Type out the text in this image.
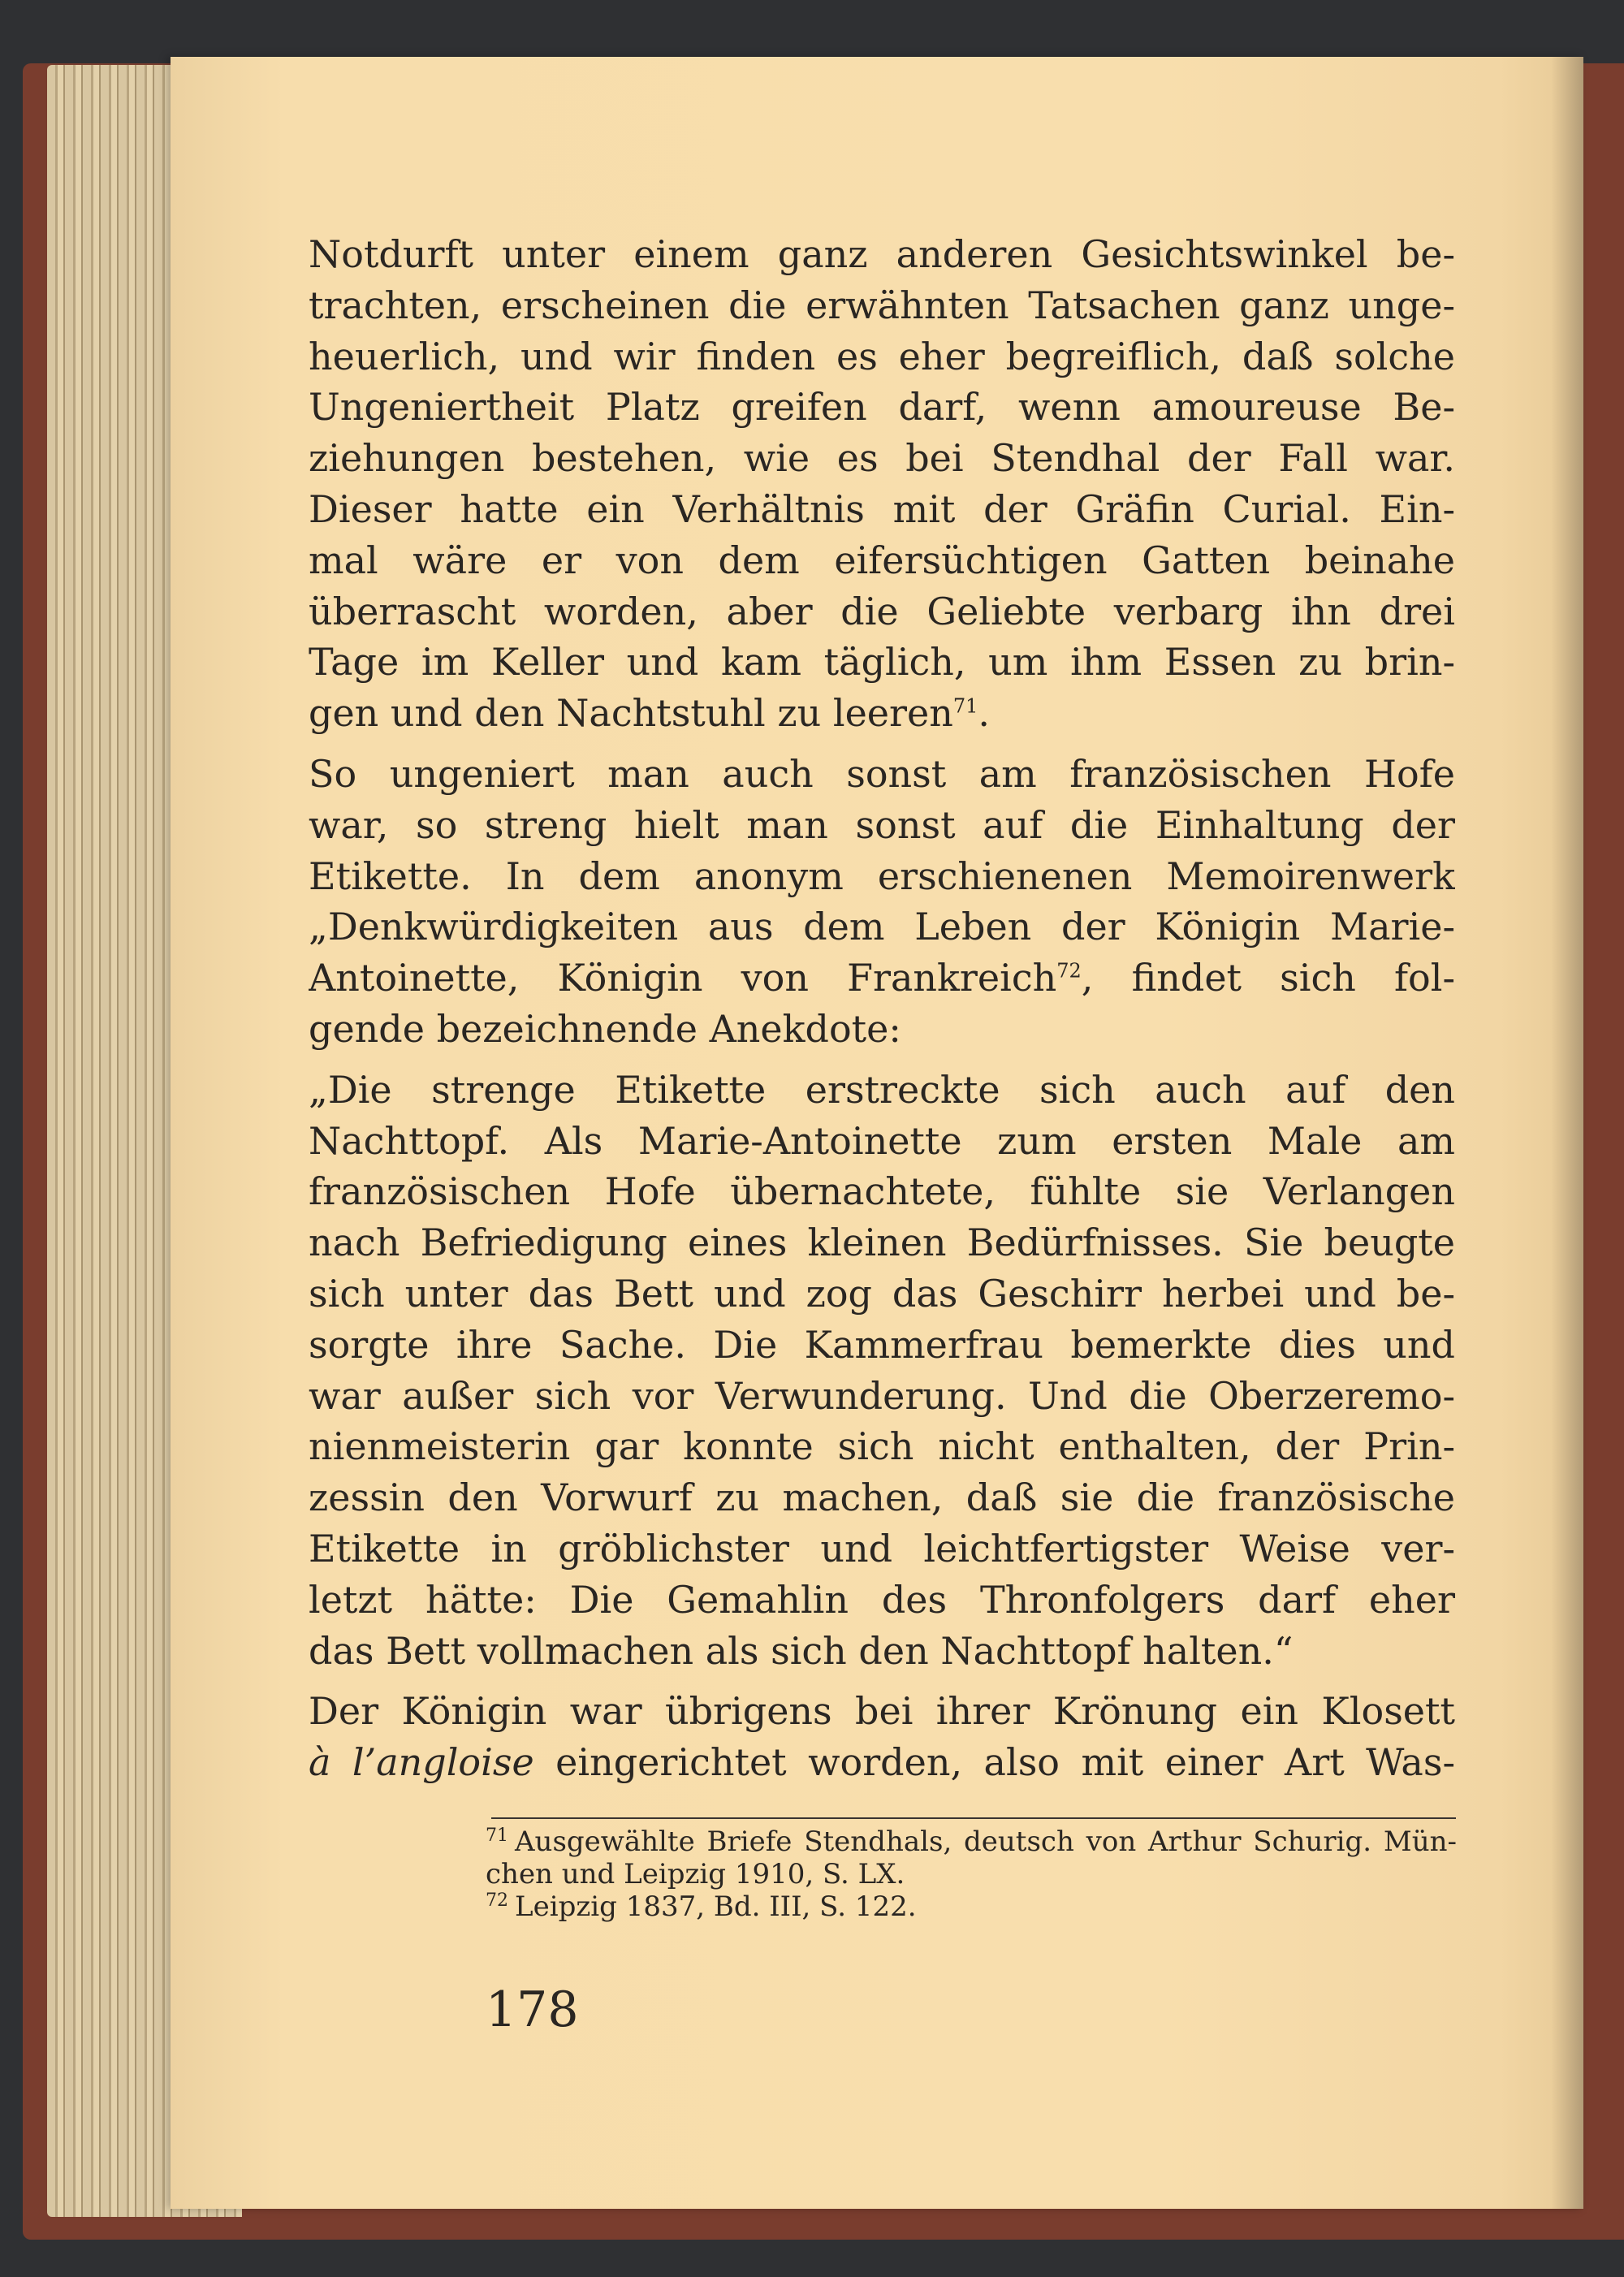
Notdurft unter einem ganz anderen Gesichtswinkel be-
trachten, erscheinen die erwähnten Tatsachen ganz unge-
heuerlich, und wir finden es eher begreiflich, daß solche
Ungeniertheit Platz greifen darf, wenn amoureuse Be-
ziehungen bestehen, wie es bei Stendhal der Fall war.
Dieser hatte ein Verhältnis mit der Gräfin Curial. Ein-
mal wäre er von dem eifersüchtigen Gatten beinahe
überrascht worden, aber die Geliebte verbarg ihn drei
Tage im Keller und kam täglich, um ihm Essen zu brin-
gen und den Nachtstuhl zu leeren$^{71}$.
So ungeniert man auch sonst am französischen Hofe
war, so streng hielt man sonst auf die Einhaltung der
Etikette. In dem anonym erschienenen Memoirenwerk
„Denkwürdigkeiten aus dem Leben der Königin Marie-
Antoinette, Königin von Frankreich$^{72}$, findet sich fol-
gende bezeichnende Anekdote:
„Die strenge Etikette erstreckte sich auch auf den
Nachttopf. Als Marie-Antoinette zum ersten Male am
französischen Hofe übernachtete, fühlte sie Verlangen
nach Befriedigung eines kleinen Bedürfnisses. Sie beugte
sich unter das Bett und zog das Geschirr herbei und be-
sorgte ihre Sache. Die Kammerfrau bemerkte dies und
war außer sich vor Verwunderung. Und die Oberzeremo-
nienmeisterin gar konnte sich nicht enthalten, der Prin-
zessin den Vorwurf zu machen, daß sie die französische
Etikette in gröblichster und leichtfertigster Weise ver-
letzt hätte: Die Gemahlin des Thronfolgers darf eher
das Bett vollmachen als sich den Nachttopf halten.“
Der Königin war übrigens bei ihrer Krönung ein Klosett
à l’angloise eingerichtet worden, also mit einer Art Was-
$^{71}$ Ausgewählte Briefe Stendhals, deutsch von Arthur Schurig. Mün-
chen und Leipzig 1910, S. LX.
$^{72}$ Leipzig 1837, Bd. III, S. 122.
178
